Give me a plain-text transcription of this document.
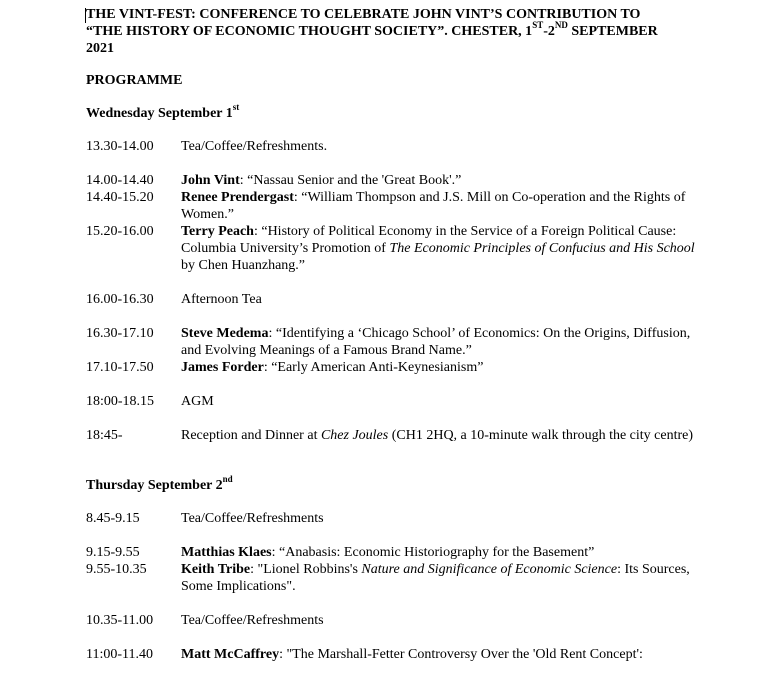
THE VINT-FEST: CONFERENCE TO CELEBRATE JOHN VINT’S CONTRIBUTION TO
“THE HISTORY OF ECONOMIC THOUGHT SOCIETY”. CHESTER, 1ST-2ND SEPTEMBER
2021
PROGRAMME
Wednesday September 1st
13.30-14.00	Tea/Coffee/Refreshments.
14.00-14.40	John Vint: “Nassau Senior and the 'Great Book'.”
14.40-15.20	Renee Prendergast: “William Thompson and J.S. Mill on Co-operation and the Rights of Women.”
15.20-16.00	Terry Peach: “History of Political Economy in the Service of a Foreign Political Cause: Columbia University’s Promotion of The Economic Principles of Confucius and His School by Chen Huanzhang.”
16.00-16.30	Afternoon Tea
16.30-17.10	Steve Medema: “Identifying a ‘Chicago School’ of Economics: On the Origins, Diffusion, and Evolving Meanings of a Famous Brand Name.”
17.10-17.50	James Forder: “Early American Anti-Keynesianism”
18:00-18.15	AGM
18:45-	Reception and Dinner at Chez Joules (CH1 2HQ, a 10-minute walk through the city centre)
Thursday September 2nd
8.45-9.15	Tea/Coffee/Refreshments
9.15-9.55	Matthias Klaes: “Anabasis: Economic Historiography for the Basement”
9.55-10.35	Keith Tribe: "Lionel Robbins's Nature and Significance of Economic Science: Its Sources, Some Implications".
10.35-11.00	Tea/Coffee/Refreshments
11:00-11.40	Matt McCaffrey: "The Marshall-Fetter Controversy Over the 'Old Rent Concept':
